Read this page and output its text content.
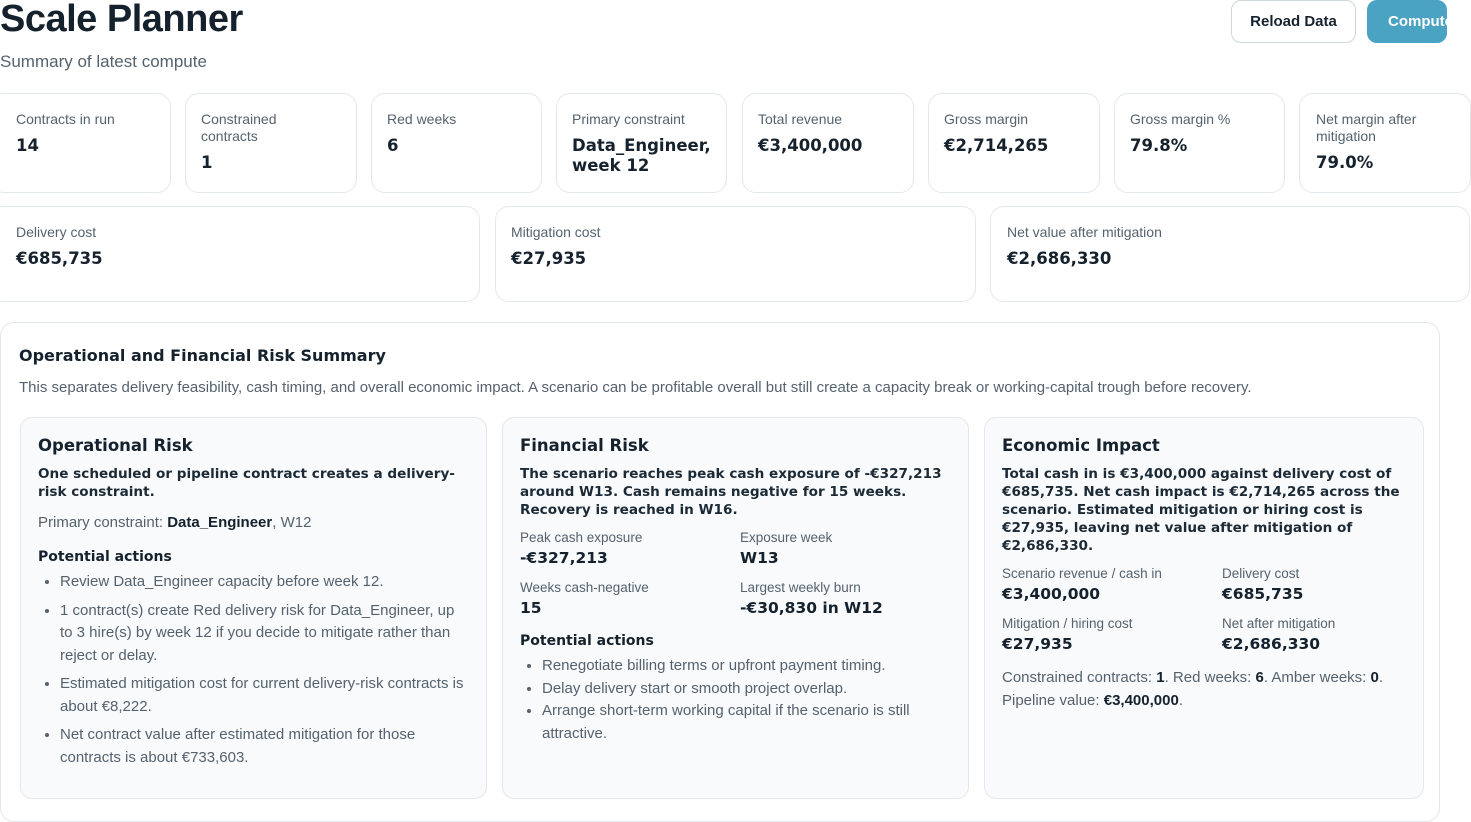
Scale Planner

Summary of latest compute

Reload Data	Compute
Contracts in run
14
Constrained contracts
1
Red weeks
6
Primary constraint
Data_Engineer, week 12
Total revenue
€3,400,000
Gross margin
€2,714,265
Gross margin %
79.8%
Net margin after mitigation
79.0%
Delivery cost
€685,735
Mitigation cost
€27,935
Net value after mitigation
€2,686,330
Operational and Financial Risk Summary

This separates delivery feasibility, cash timing, and overall economic impact. A scenario can be profitable overall but still create a capacity break or working-capital trough before recovery.

Operational Risk

One scheduled or pipeline contract creates a delivery-risk constraint.

Primary constraint: Data_Engineer, W12
Potential actions
• Review Data_Engineer capacity before week 12.
• 1 contract(s) create Red delivery risk for Data_Engineer, up to 3 hire(s) by week 12 if you decide to mitigate rather than reject or delay.
• Estimated mitigation cost for current delivery-risk contracts is about €8,222.
• Net contract value after estimated mitigation for those contracts is about €733,603.
Financial Risk

The scenario reaches peak cash exposure of -€327,213 around W13. Cash remains negative for 15 weeks. Recovery is reached in W16.

Peak cash exposure
-€327,213
Exposure week
W13
Weeks cash-negative
15
Largest weekly burn
-€30,830 in W12
Potential actions
• Renegotiate billing terms or upfront payment timing.
• Delay delivery start or smooth project overlap.
• Arrange short-term working capital if the scenario is still attractive.
Economic Impact

Total cash in is €3,400,000 against delivery cost of €685,735. Net cash impact is €2,714,265 across the scenario. Estimated mitigation or hiring cost is €27,935, leaving net value after mitigation of €2,686,330.

Scenario revenue / cash in
€3,400,000
Delivery cost
€685,735
Mitigation / hiring cost
€27,935
Net after mitigation
€2,686,330
Constrained contracts: 1. Red weeks: 6. Amber weeks: 0.
Pipeline value: €3,400,000.
